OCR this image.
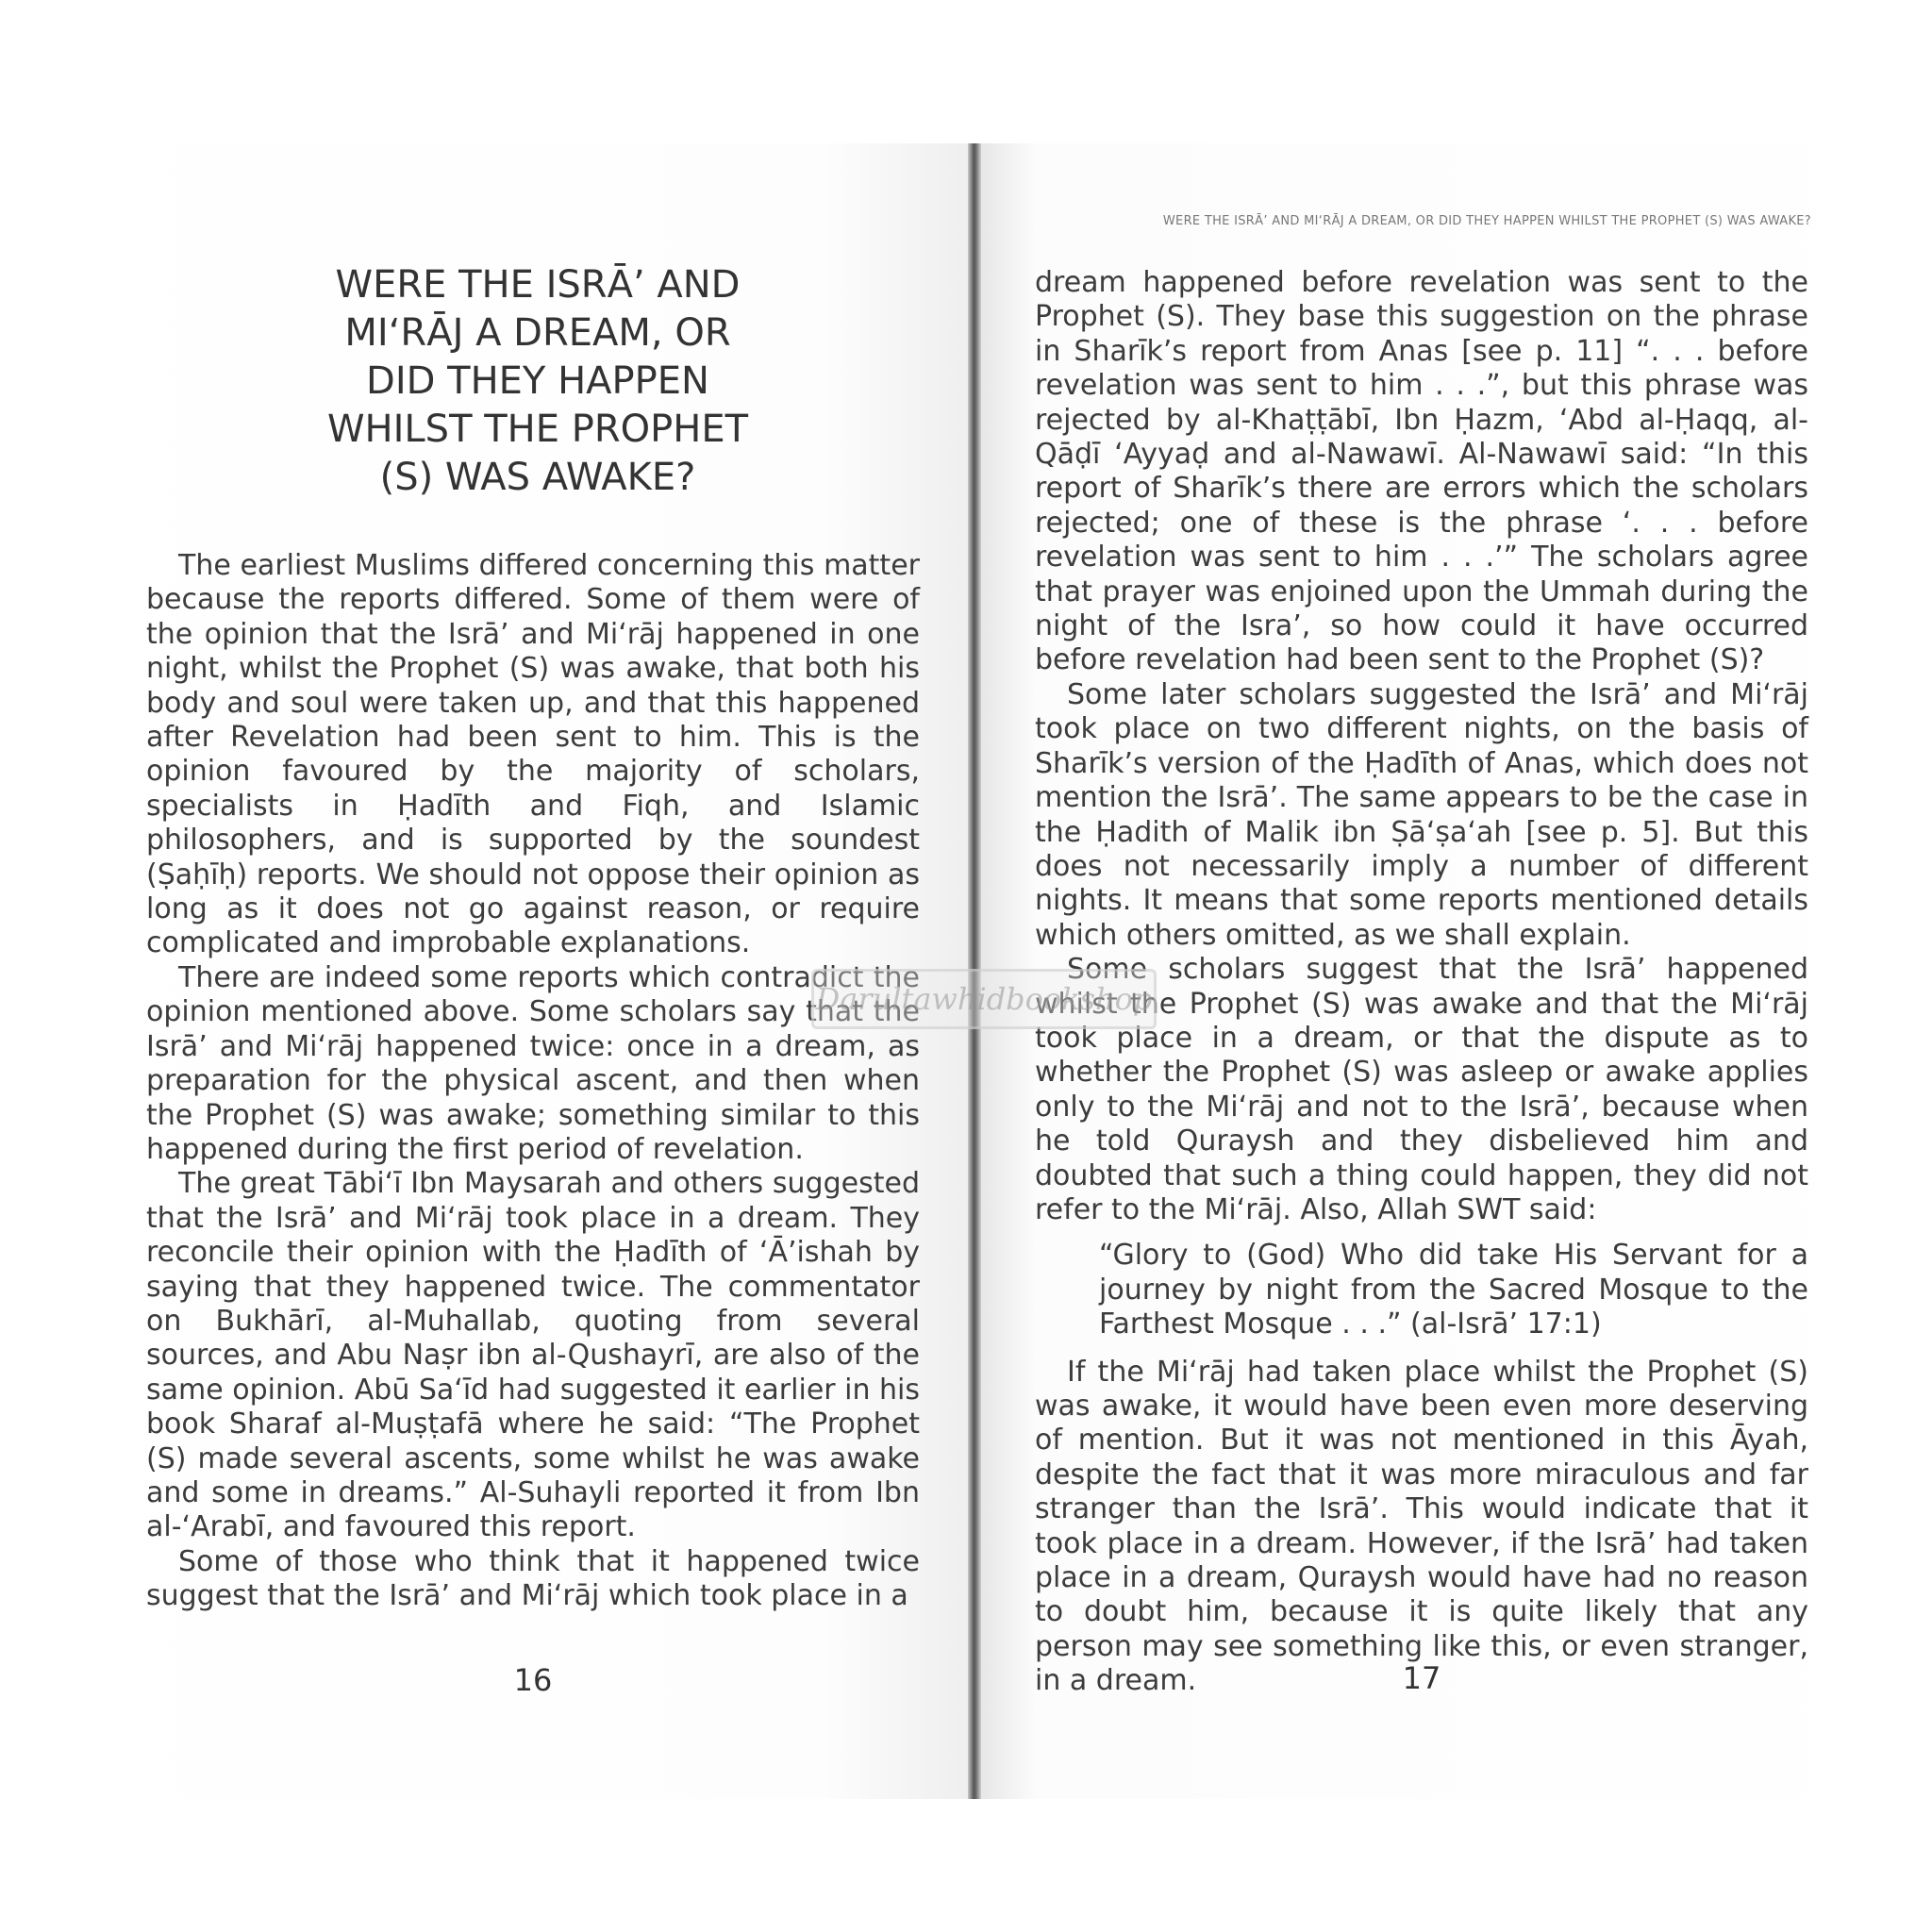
WERE THE ISRĀ’ AND MI‘RĀJ A DREAM, OR DID THEY HAPPEN WHILST THE PROPHET (S) WAS AWAKE?
WERE THE ISRĀ’ AND
MI‘RĀJ A DREAM, OR
DID THEY HAPPEN
WHILST THE PROPHET
(S) WAS AWAKE?

The earliest Muslims differed concerning this matter because the reports differed. Some of them were of the opinion that the Isrā’ and Mi‘rāj happened in one night, whilst the Prophet (S) was awake, that both his body and soul were taken up, and that this happened after Revelation had been sent to him. This is the opinion favoured by the majority of scholars, specialists in Ḥadīth and Fiqh, and Islamic philosophers, and is supported by the soundest (Ṣaḥīḥ) reports. We should not oppose their opinion as long as it does not go against reason, or require complicated and improbable explanations.

There are indeed some reports which contradict the opinion mentioned above. Some scholars say that the Isrā’ and Mi‘rāj happened twice: once in a dream, as preparation for the physical ascent, and then when the Prophet (S) was awake; something similar to this happened during the first period of revelation.

The great Tābi‘ī Ibn Maysarah and others suggested that the Isrā’ and Mi‘rāj took place in a dream. They reconcile their opinion with the Ḥadīth of ‘Ā’ishah by saying that they happened twice. The commentator on Bukhārī, al-Muhallab, quoting from several sources, and Abu Naṣr ibn al-Qushayrī, are also of the same opinion. Abū Sa‘īd had suggested it earlier in his book Sharaf al-Muṣṭafā where he said: “The Prophet (S) made several ascents, some whilst he was awake and some in dreams.” Al-Suhayli reported it from Ibn al-‘Arabī, and favoured this report.

Some of those who think that it happened twice suggest that the Isrā’ and Mi‘rāj which took place in a

dream happened before revelation was sent to the Prophet (S). They base this suggestion on the phrase in Sharīk’s report from Anas [see p. 11] “. . . before revelation was sent to him . . .”, but this phrase was rejected by al-Khaṭṭābī, Ibn Ḥazm, ‘Abd al-Ḥaqq, al-Qāḍī ‘Ayyaḍ and al-Nawawī. Al-Nawawī said: “In this report of Sharīk’s there are errors which the scholars rejected; one of these is the phrase ‘. . . before revelation was sent to him . . .’” The scholars agree that prayer was enjoined upon the Ummah during the night of the Isra’, so how could it have occurred before revelation had been sent to the Prophet (S)?

Some later scholars suggested the Isrā’ and Mi‘rāj took place on two different nights, on the basis of Sharīk’s version of the Ḥadīth of Anas, which does not mention the Isrā’. The same appears to be the case in the Ḥadith of Malik ibn Ṣā‘ṣa‘ah [see p. 5]. But this does not necessarily imply a number of different nights. It means that some reports mentioned details which others omitted, as we shall explain.

Some scholars suggest that the Isrā’ happened whilst the Prophet (S) was awake and that the Mi‘rāj took place in a dream, or that the dispute as to whether the Prophet (S) was asleep or awake applies only to the Mi‘rāj and not to the Isrā’, because when he told Quraysh and they disbelieved him and doubted that such a thing could happen, they did not refer to the Mi‘rāj. Also, Allah SWT said:

“Glory to (God) Who did take His Servant for a journey by night from the Sacred Mosque to the Farthest Mosque . . .” (al-Isrā’ 17:1)

If the Mi‘rāj had taken place whilst the Prophet (S) was awake, it would have been even more deserving of mention. But it was not mentioned in this Āyah, despite the fact that it was more miraculous and far stranger than the Isrā’. This would indicate that it took place in a dream. However, if the Isrā’ had taken place in a dream, Quraysh would have had no reason to doubt him, because it is quite likely that any person may see something like this, or even stranger, in a dream.

16	17
Darultawhidbookshop
